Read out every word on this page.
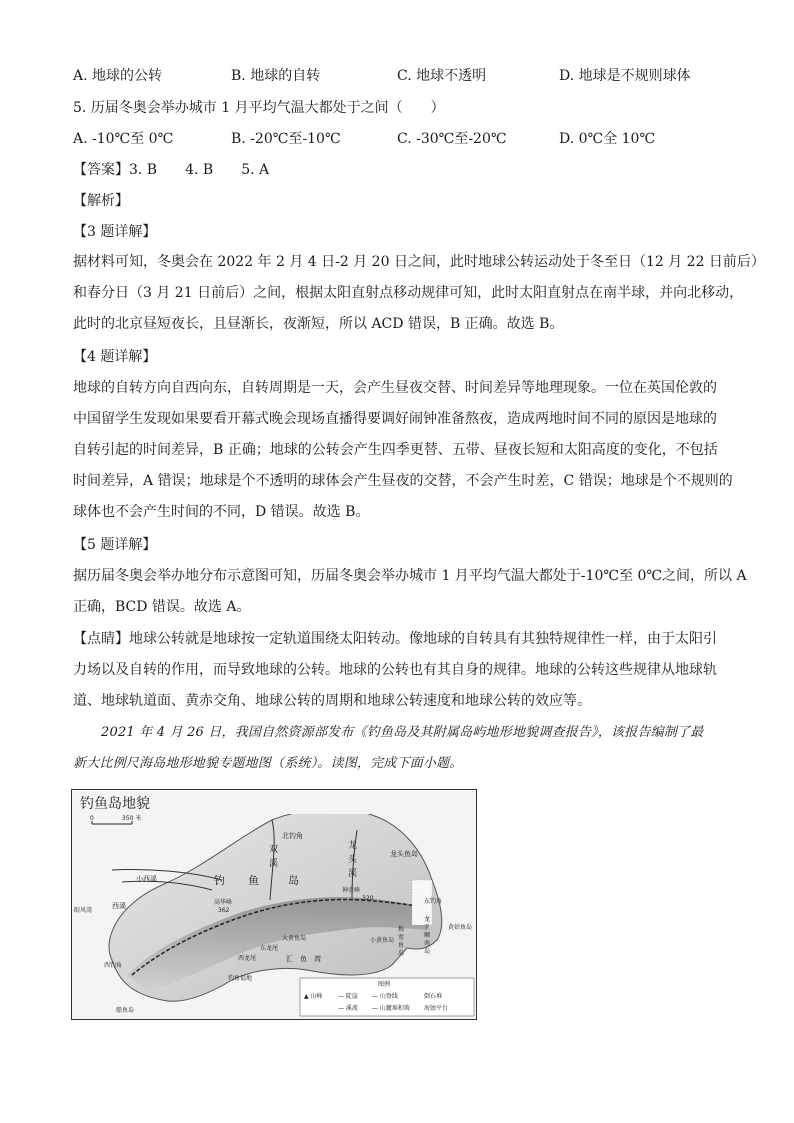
A. 地球的公转	B. 地球的自转	C. 地球不透明	D. 地球是不规则球体
5. 历届冬奥会举办城市 1 月平均气温大都处于之间（　　）
A. -10℃至 0℃	B. -20℃至-10℃	C. -30℃至-20℃	D. 0℃全 10℃
【答案】3. B　　4. B　　5. A
【解析】
【3 题详解】

据材料可知，冬奥会在 2022 年 2 月 4 日-2 月 20 日之间，此时地球公转运动处于冬至日（12 月 22 日前后）

和春分日（3 月 21 日前后）之间，根据太阳直射点移动规律可知，此时太阳直射点在南半球，并向北移动，

此时的北京昼短夜长，且昼渐长，夜渐短，所以 ACD 错误，B 正确。故选 B。

【4 题详解】

地球的自转方向自西向东，自转周期是一天，会产生昼夜交替、时间差异等地理现象。一位在英国伦敦的

中国留学生发现如果要看开幕式晚会现场直播得要调好闹钟准备熬夜，造成两地时间不同的原因是地球的

自转引起的时间差异，B 正确；地球的公转会产生四季更替、五带、昼夜长短和太阳高度的变化，不包括

时间差异，A 错误；地球是个不透明的球体会产生昼夜的交替，不会产生时差，C 错误；地球是个不规则的

球体也不会产生时间的不同，D 错误。故选 B。

【5 题详解】

据历届冬奥会举办地分布示意图可知，历届冬奥会举办城市 1 月平均气温大都处于-10℃至 0℃之间，所以 A

正确，BCD 错误。故选 A。

【点睛】地球公转就是地球按一定轨道围绕太阳转动。像地球的自转具有其独特规律性一样，由于太阳引

力场以及自转的作用，而导致地球的公转。地球的公转也有其自身的规律。地球的公转这些规律从地球轨

道、地球轨道面、黄赤交角、地球公转的周期和地球公转速度和地球公转的效应等。

2021 年 4 月 26 日，我国自然资源部发布《钓鱼岛及其附属岛屿地形地貌调查报告》，该报告编制了最

新大比例尺海岛地形地貌专题地图（系统）。读图，完成下面小题。

钓鱼岛地貌
0	350 米
北钓角
双
溪
龙头鱼岛
龙
头
溪
小西溪	钓 鱼	岛
神农峰
320
高华峰
362
西溪
眼风湾
东钓角
黄姑鱼岛
大黄鱼岛	小黄鱼岛
梅
宽
鱼
岛
龙
王
鲷
南
岛
西钓角
汇　鱼　湾
东龙尾
西龙尾
钓鱼福地
船鱼岛
图例
▲ 山峰	— 陡崖 — 山脊线	倒石堆
— 溪流 — 山麓堆积坡 海蚀平台
